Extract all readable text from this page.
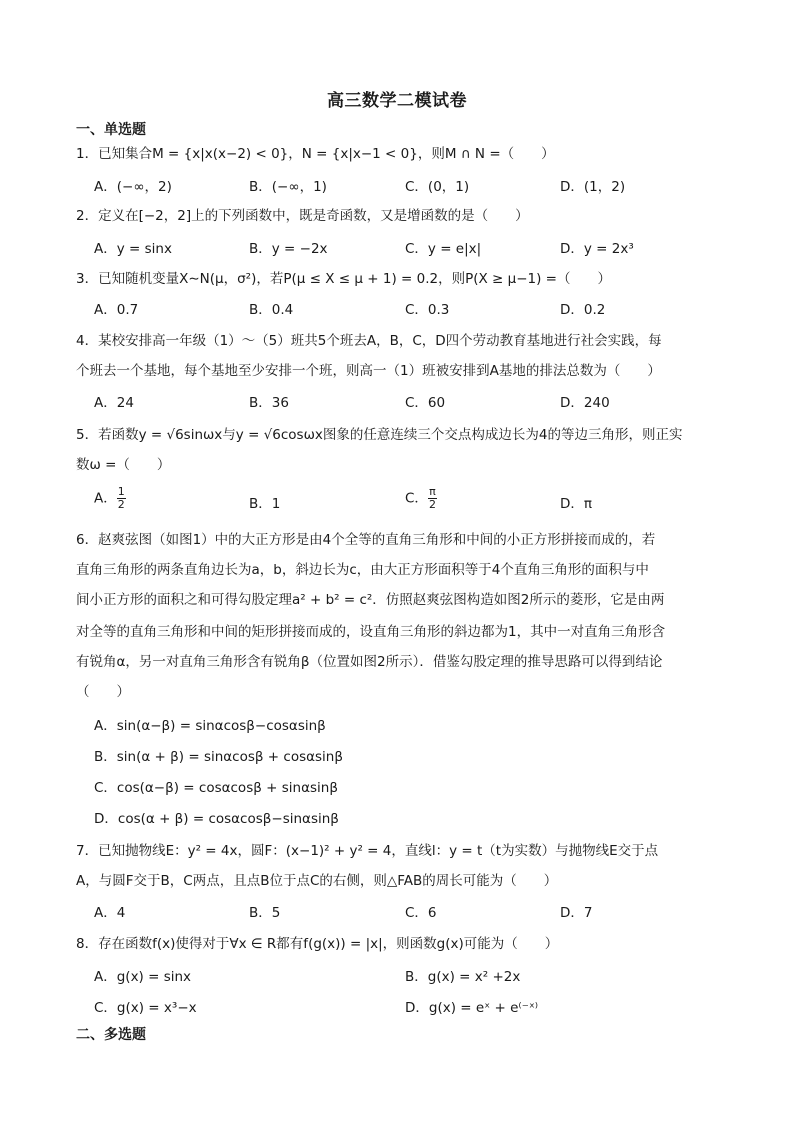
高三数学二模试卷
一、单选题
1．已知集合M = {x|x(x−2) < 0}，N = {x|x−1 < 0}，则M ∩ N =（　　）
A．(−∞，2)	B．(−∞，1)	C．(0，1)	D．(1，2)
2．定义在[−2，2]上的下列函数中，既是奇函数，又是增函数的是（　　）
A．y = sinx	B．y = −2x	C．y = e|x|	D．y = 2x³
3．已知随机变量X∼N(μ，σ²)，若P(μ ≤ X ≤ μ + 1) = 0.2，则P(X ≥ μ−1) =（　　）
A．0.7	B．0.4	C．0.3	D．0.2
4．某校安排高一年级（1）～（5）班共5个班去A，B，C，D四个劳动教育基地进行社会实践，每
个班去一个基地，每个基地至少安排一个班，则高一（1）班被安排到A基地的排法总数为（　　）
A．24	B．36	C．60	D．240
5．若函数y = √6sinωx与y = √6cosωx图象的任意连续三个交点构成边长为4的等边三角形，则正实
数ω =（　　）
A． $\frac{1}{2}$	B．1	C． $\frac{\pi}{2}$	D．π
6．赵爽弦图（如图1）中的大正方形是由4个全等的直角三角形和中间的小正方形拼接而成的，若
直角三角形的两条直角边长为a，b，斜边长为c，由大正方形面积等于4个直角三角形的面积与中
间小正方形的面积之和可得勾股定理a² + b² = c²．仿照赵爽弦图构造如图2所示的菱形，它是由两
对全等的直角三角形和中间的矩形拼接而成的，设直角三角形的斜边都为1，其中一对直角三角形含
有锐角α，另一对直角三角形含有锐角β（位置如图2所示）．借鉴勾股定理的推导思路可以得到结论
（　　）
A．sin(α−β) = sinαcosβ−cosαsinβ
B．sin(α + β) = sinαcosβ + cosαsinβ
C．cos(α−β) = cosαcosβ + sinαsinβ
D．cos(α + β) = cosαcosβ−sinαsinβ
7．已知抛物线E：y² = 4x，圆F：(x−1)² + y² = 4，直线l：y = t（t为实数）与抛物线E交于点
A，与圆F交于B，C两点，且点B位于点C的右侧，则△FAB的周长可能为（　　）
A．4	B．5	C．6	D．7
8．存在函数f(x)使得对于∀x ∈ R都有f(g(x)) = |x|，则函数g(x)可能为（　　）
A．g(x) = sinx	B．g(x) = x² +2x
C．g(x) = x³−x	D．g(x) = eˣ + e⁽⁻ˣ⁾
二、多选题
